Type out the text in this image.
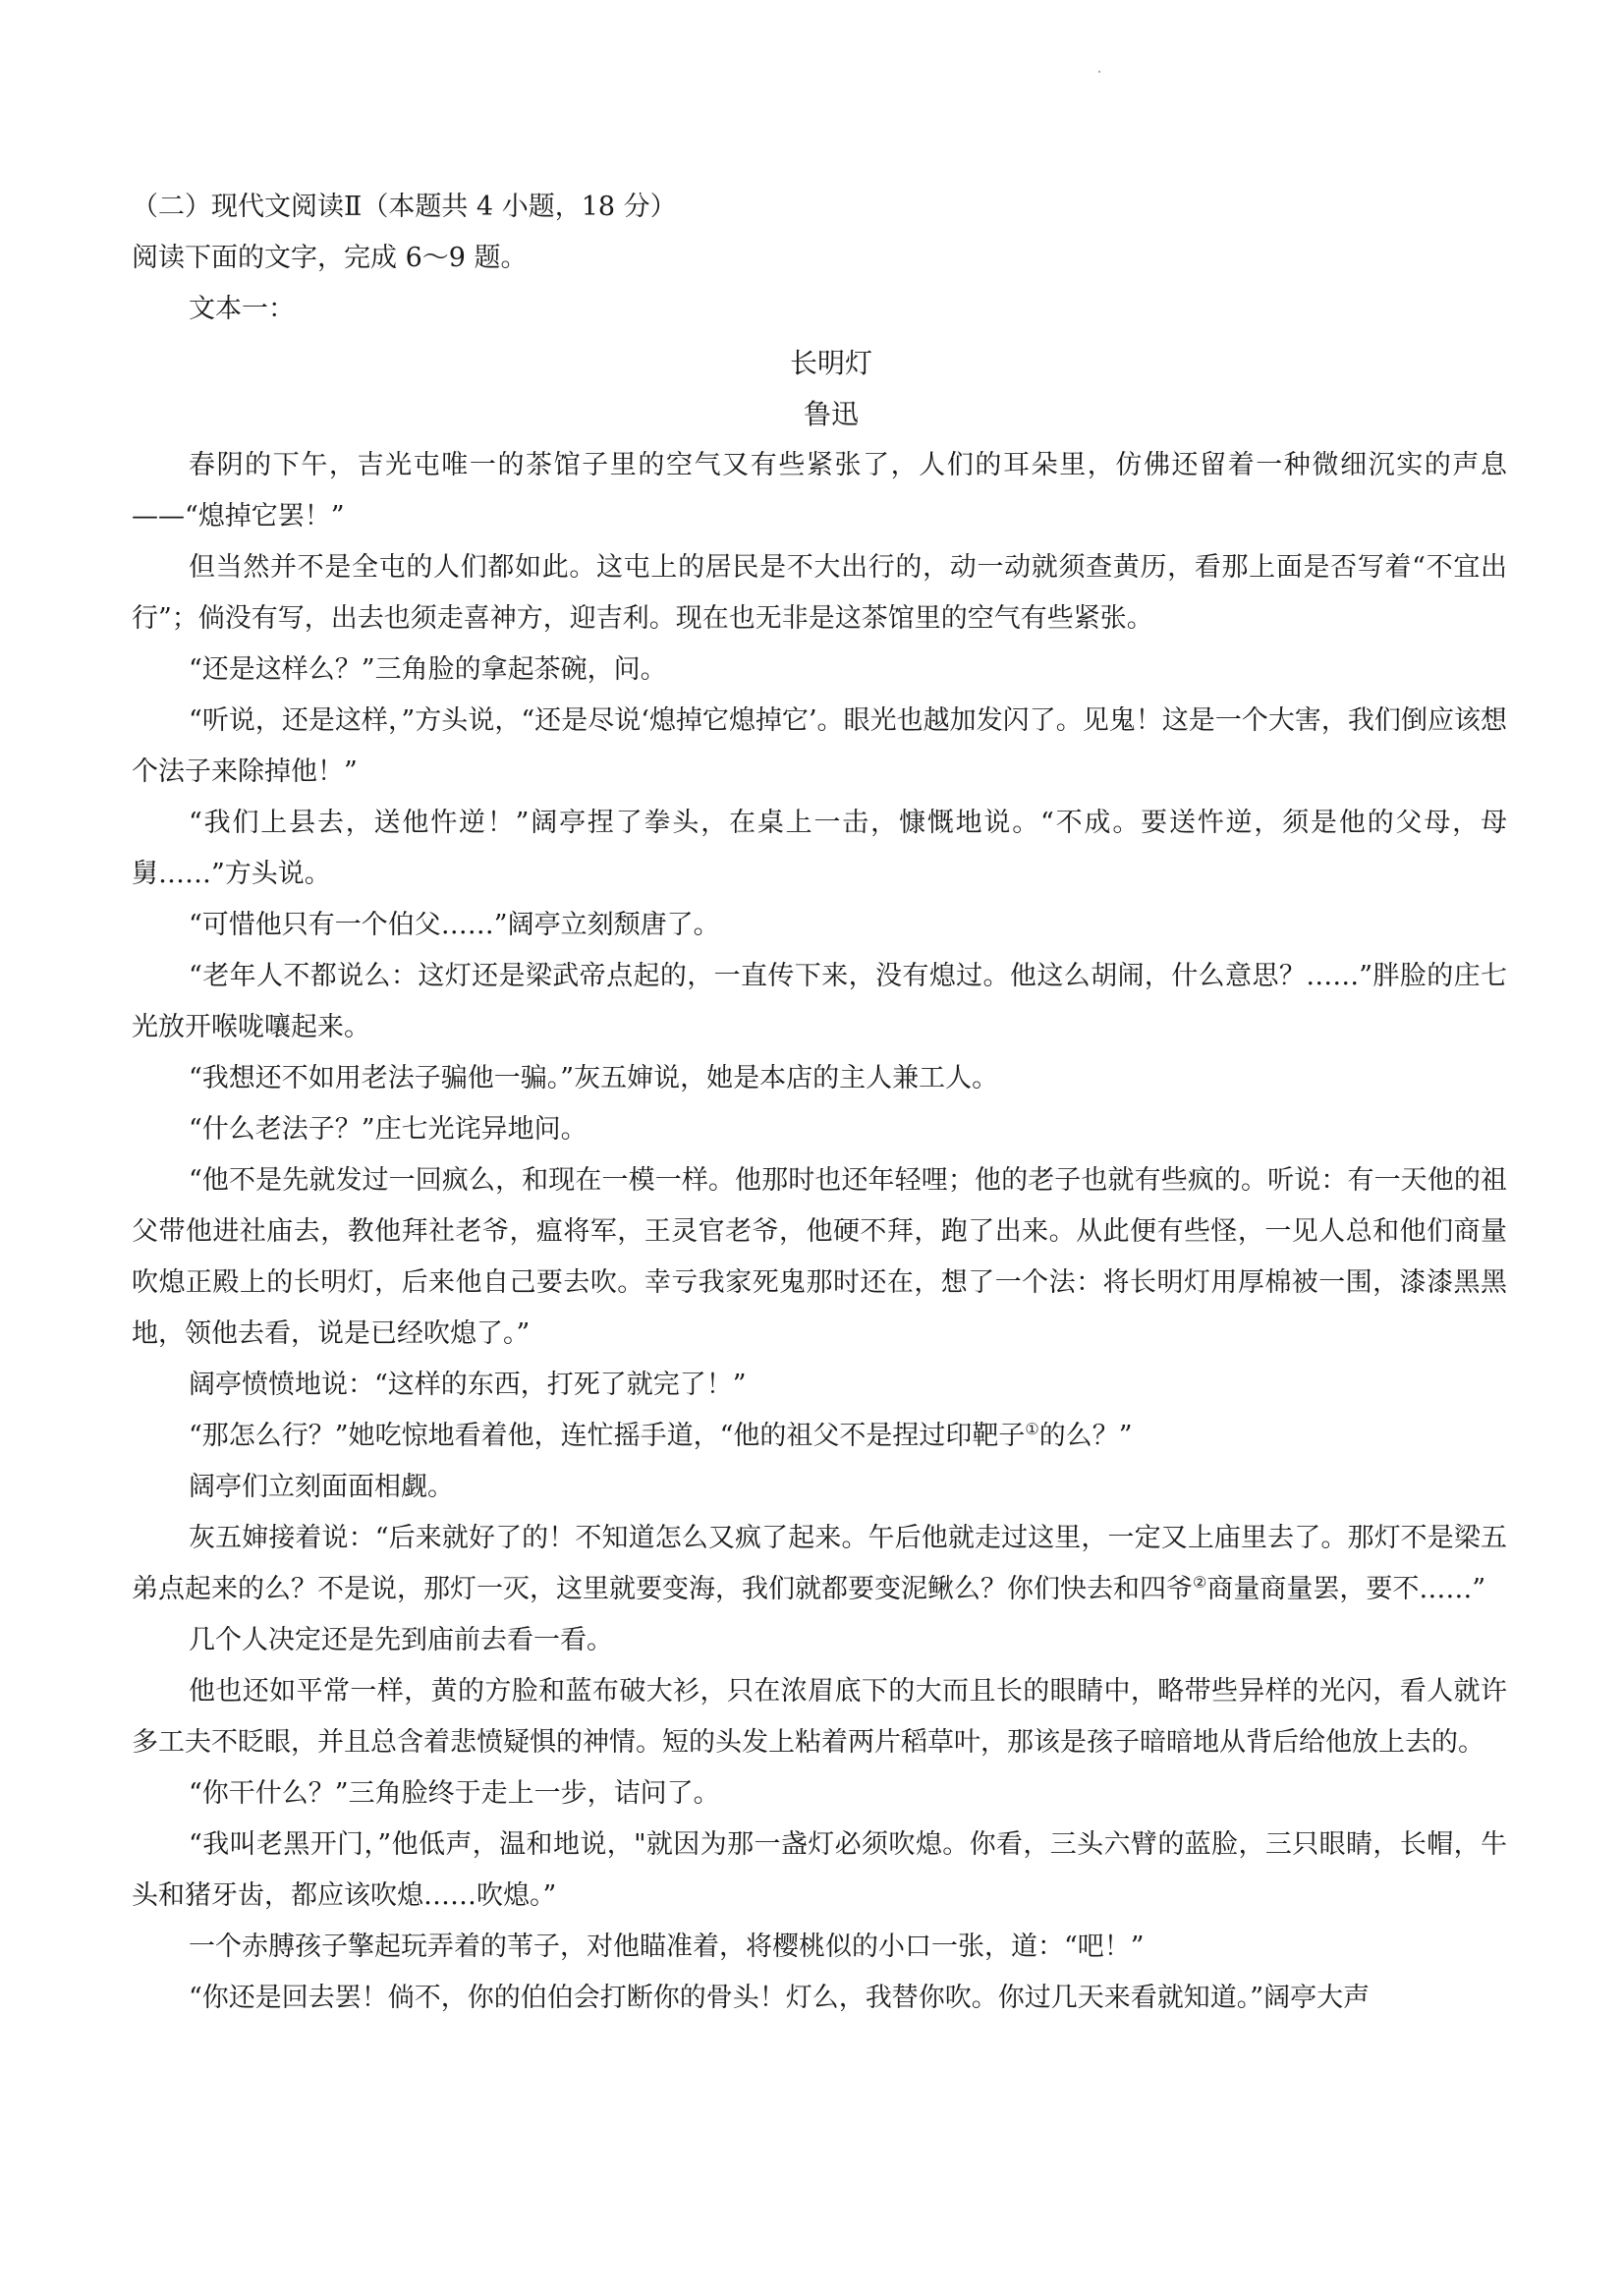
（二）现代文阅读Ⅱ（本题共 4 小题，18 分）
阅读下面的文字，完成 6～9 题。
文本一：
长明灯
鲁迅

春阴的下午，吉光屯唯一的茶馆子里的空气又有些紧张了，人们的耳朵里，仿佛还留着一种微细沉实的声息——“熄掉它罢！”

但当然并不是全屯的人们都如此。这屯上的居民是不大出行的，动一动就须查黄历，看那上面是否写着“不宜出行”；倘没有写，出去也须走喜神方，迎吉利。现在也无非是这茶馆里的空气有些紧张。

“还是这样么？”三角脸的拿起茶碗，问。

“听说，还是这样，”方头说，“还是尽说‘熄掉它熄掉它’。眼光也越加发闪了。见鬼！这是一个大害，我们倒应该想个法子来除掉他！”

“我们上县去，送他忤逆！”阔亭捏了拳头，在桌上一击，慷慨地说。“不成。要送忤逆，须是他的父母，母舅……”方头说。

“可惜他只有一个伯父……”阔亭立刻颓唐了。

“老年人不都说么：这灯还是梁武帝点起的，一直传下来，没有熄过。他这么胡闹，什么意思？……”胖脸的庄七光放开喉咙嚷起来。

“我想还不如用老法子骗他一骗。”灰五婶说，她是本店的主人兼工人。

“什么老法子？”庄七光诧异地问。

“他不是先就发过一回疯么，和现在一模一样。他那时也还年轻哩；他的老子也就有些疯的。听说：有一天他的祖父带他进社庙去，教他拜社老爷，瘟将军，王灵官老爷，他硬不拜，跑了出来。从此便有些怪，一见人总和他们商量吹熄正殿上的长明灯，后来他自己要去吹。幸亏我家死鬼那时还在，想了一个法：将长明灯用厚棉被一围，漆漆黑黑地，领他去看，说是已经吹熄了。”

阔亭愤愤地说：“这样的东西，打死了就完了！”

“那怎么行？”她吃惊地看着他，连忙摇手道，“他的祖父不是捏过印靶子①的么？”

阔亭们立刻面面相觑。

灰五婶接着说：“后来就好了的！不知道怎么又疯了起来。午后他就走过这里，一定又上庙里去了。那灯不是梁五弟点起来的么？不是说，那灯一灭，这里就要变海，我们就都要变泥鳅么？你们快去和四爷②商量商量罢，要不……”

几个人决定还是先到庙前去看一看。

他也还如平常一样，黄的方脸和蓝布破大衫，只在浓眉底下的大而且长的眼睛中，略带些异样的光闪，看人就许多工夫不眨眼，并且总含着悲愤疑惧的神情。短的头发上粘着两片稻草叶，那该是孩子暗暗地从背后给他放上去的。

“你干什么？”三角脸终于走上一步，诘问了。

“我叫老黑开门，”他低声，温和地说，"就因为那一盏灯必须吹熄。你看，三头六臂的蓝脸，三只眼睛，长帽，牛头和猪牙齿，都应该吹熄……吹熄。”

一个赤膊孩子擎起玩弄着的苇子，对他瞄准着，将樱桃似的小口一张，道：“吧！”

“你还是回去罢！倘不，你的伯伯会打断你的骨头！灯么，我替你吹。你过几天来看就知道。”阔亭大声
